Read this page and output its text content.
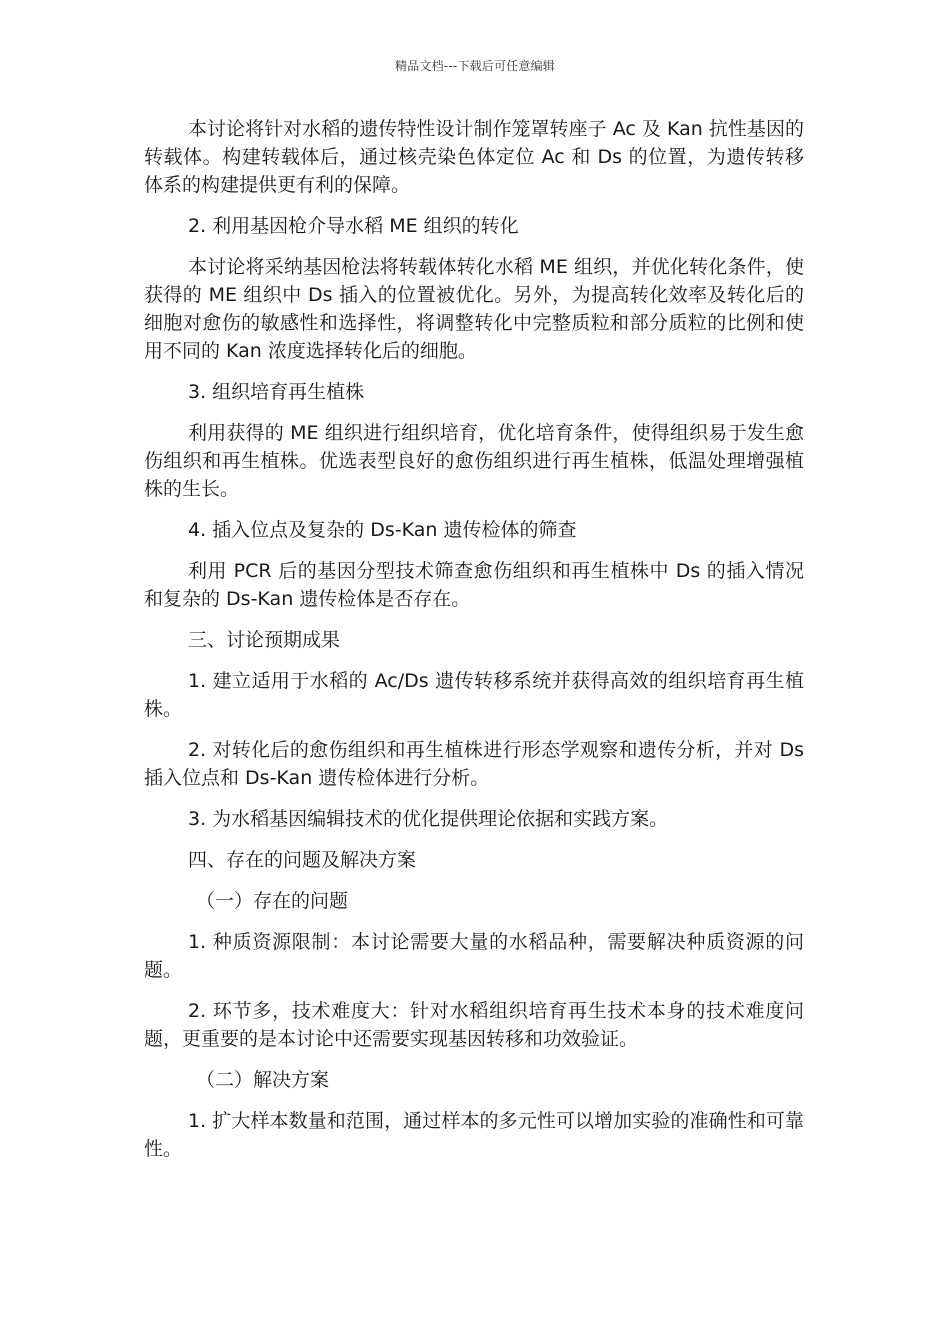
精品文档---下载后可任意编辑

本讨论将针对水稻的遗传特性设计制作笼罩转座子 Ac 及 Kan 抗性基因的转载体。构建转载体后，通过核壳染色体定位 Ac 和 Ds 的位置，为遗传转移体系的构建提供更有利的保障。

2. 利用基因枪介导水稻 ME 组织的转化

本讨论将采纳基因枪法将转载体转化水稻 ME 组织，并优化转化条件，使获得的 ME 组织中 Ds 插入的位置被优化。另外，为提高转化效率及转化后的细胞对愈伤的敏感性和选择性，将调整转化中完整质粒和部分质粒的比例和使用不同的 Kan 浓度选择转化后的细胞。

3. 组织培育再生植株

利用获得的 ME 组织进行组织培育，优化培育条件，使得组织易于发生愈伤组织和再生植株。优选表型良好的愈伤组织进行再生植株，低温处理增强植株的生长。

4. 插入位点及复杂的 Ds-Kan 遗传检体的筛查

利用 PCR 后的基因分型技术筛查愈伤组织和再生植株中 Ds 的插入情况和复杂的 Ds-Kan 遗传检体是否存在。

三、讨论预期成果

1. 建立适用于水稻的 Ac/Ds 遗传转移系统并获得高效的组织培育再生植株。

2. 对转化后的愈伤组织和再生植株进行形态学观察和遗传分析，并对 Ds 插入位点和 Ds-Kan 遗传检体进行分析。

3. 为水稻基因编辑技术的优化提供理论依据和实践方案。

四、存在的问题及解决方案

（一）存在的问题

1. 种质资源限制：本讨论需要大量的水稻品种，需要解决种质资源的问题。

2. 环节多，技术难度大：针对水稻组织培育再生技术本身的技术难度问题，更重要的是本讨论中还需要实现基因转移和功效验证。

（二）解决方案

1. 扩大样本数量和范围，通过样本的多元性可以增加实验的准确性和可靠性。
